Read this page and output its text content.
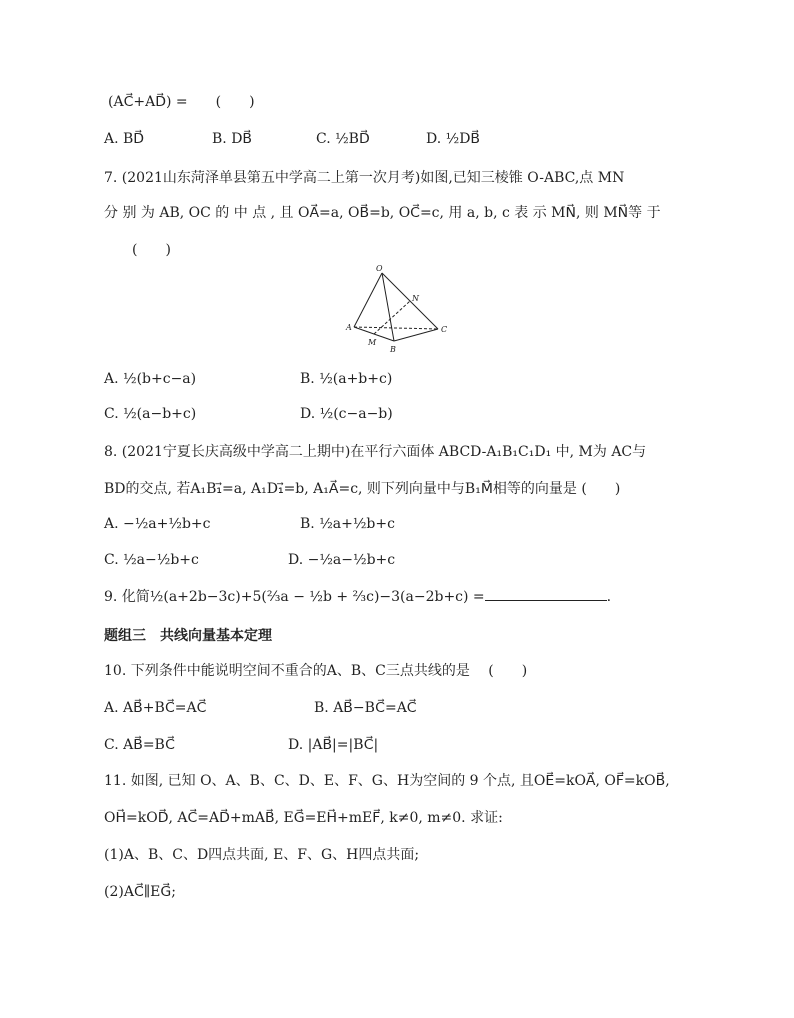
(AC⃗+AD⃗) =　　(　　)
A. BD⃗	B. DB⃗	C. ½BD⃗	D. ½DB⃗
7. (2021山东菏泽单县第五中学高二上第一次月考)如图,已知三棱锥 O-ABC,点 MN
分 别 为 AB, OC 的 中 点 , 且 OA⃗=a, OB⃗=b, OC⃗=c, 用 a, b, c 表 示 MN⃗, 则 MN⃗等 于
(　　)
O
N
A	C
M
B
A. ½(b+c−a)	B. ½(a+b+c)
C. ½(a−b+c)	D. ½(c−a−b)
8. (2021宁夏长庆高级中学高二上期中)在平行六面体 ABCD-A₁B₁C₁D₁ 中, M为 AC与
BD的交点, 若A₁B₁⃗=a, A₁D₁⃗=b, A₁A⃗=c, 则下列向量中与B₁M⃗相等的向量是 (　　)
A. −½a+½b+c	B. ½a+½b+c
C. ½a−½b+c	D. −½a−½b+c
9. 化简½(a+2b−3c)+5(⅔a − ½b + ⅔c)−3(a−2b+c) =	.
题组三　共线向量基本定理
10. 下列条件中能说明空间不重合的A、B、C三点共线的是　 (　　)
A. AB⃗+BC⃗=AC⃗	B. AB⃗−BC⃗=AC⃗
C. AB⃗=BC⃗	D. |AB⃗|=|BC⃗|
11. 如图, 已知 O、A、B、C、D、E、F、G、H为空间的 9 个点, 且OE⃗=kOA⃗, OF⃗=kOB⃗,
OH⃗=kOD⃗, AC⃗=AD⃗+mAB⃗, EG⃗=EH⃗+mEF⃗, k≠0, m≠0. 求证:
(1)A、B、C、D四点共面, E、F、G、H四点共面;
(2)AC⃗∥EG⃗;
